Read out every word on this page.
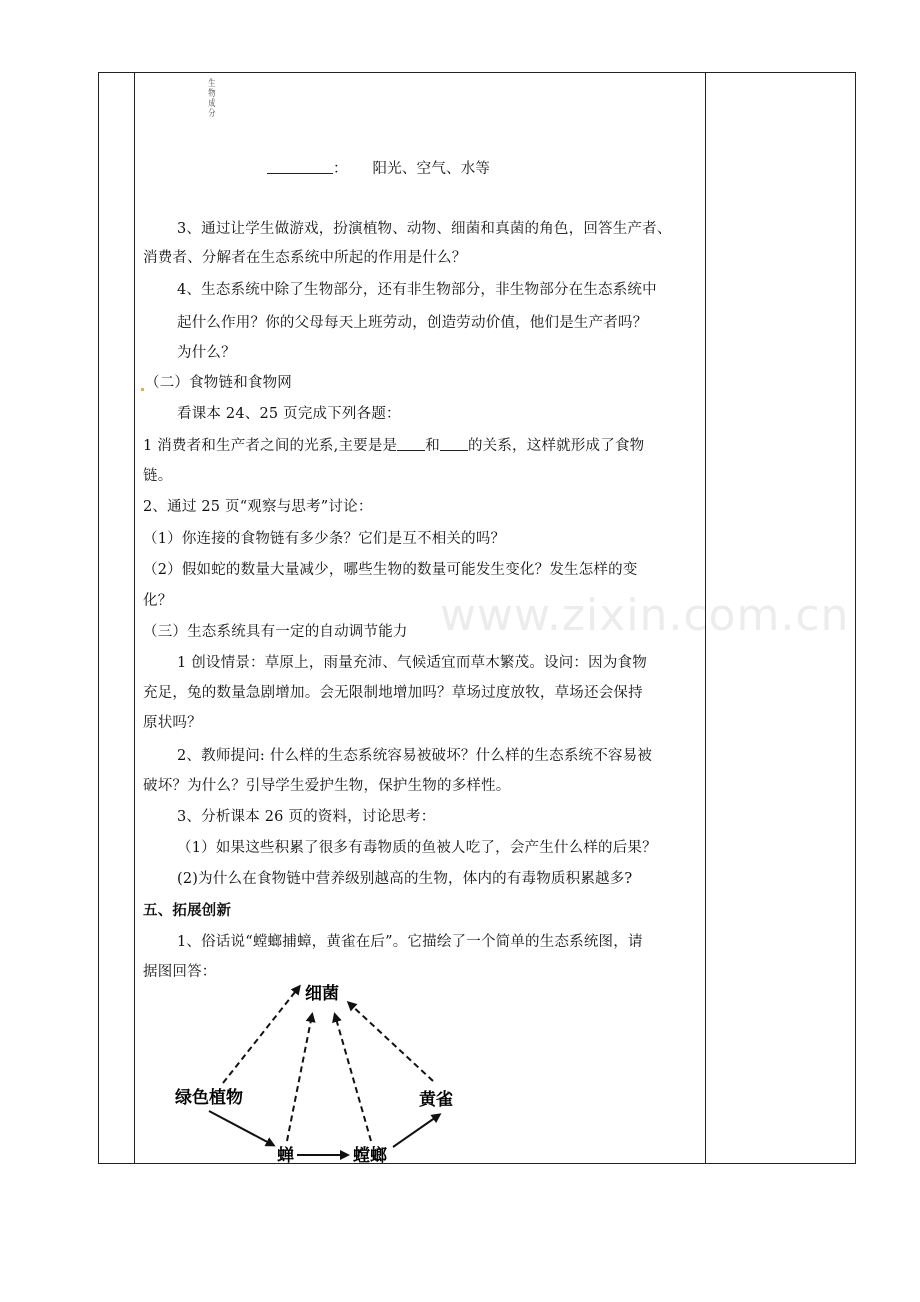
www.zixin.com.cn
生物成分
： 阳光、空气、水等
3、通过让学生做游戏，扮演植物、动物、细菌和真菌的角色，回答生产者、
消费者、分解者在生态系统中所起的作用是什么？
4、生态系统中除了生物部分，还有非生物部分，非生物部分在生态系统中
起什么作用？你的父母每天上班劳动，创造劳动价值，他们是生产者吗？
为什么？
（二）食物链和食物网
看课本 24、25 页完成下列各题：
1 消费者和生产者之间的光系,主要是是 和 的关系，这样就形成了食物
链。
2、通过 25 页“观察与思考”讨论：
（1）你连接的食物链有多少条？它们是互不相关的吗？
（2）假如蛇的数量大量减少，哪些生物的数量可能发生变化？发生怎样的变
化？
（三）生态系统具有一定的自动调节能力
1 创设情景：草原上，雨量充沛、气候适宜而草木繁茂。设问：因为食物
充足，兔的数量急剧增加。会无限制地增加吗？草场过度放牧，草场还会保持
原状吗？
2、教师提问: 什么样的生态系统容易被破坏？什么样的生态系统不容易被
破坏？为什么？引导学生爱护生物，保护生物的多样性。
3、分析课本 26 页的资料，讨论思考：
（1）如果这些积累了很多有毒物质的鱼被人吃了，会产生什么样的后果？
(2)为什么在食物链中营养级别越高的生物，体内的有毒物质积累越多?
五、拓展创新
1、俗话说“螳螂捕蟑，黄雀在后”。它描绘了一个简单的生态系统图，请
据图回答：
细菌
绿色植物	黄雀
蝉	螳螂
